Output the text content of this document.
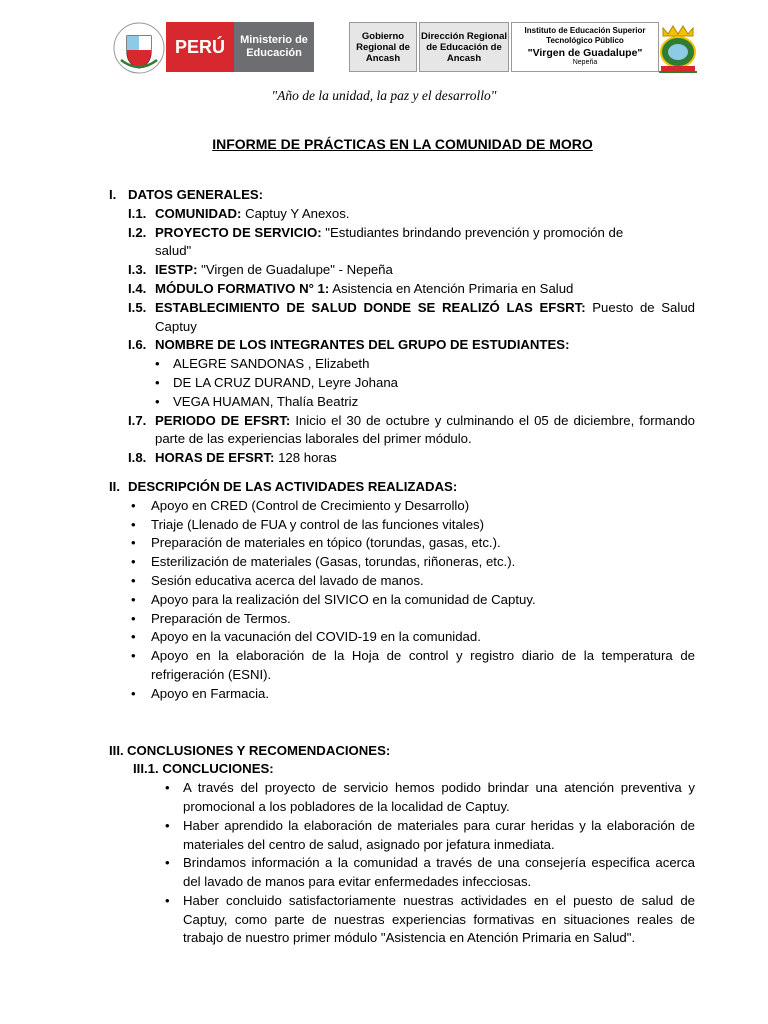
PERÚ	Ministerio de Educación
Gobierno Regional de Ancash
Dirección Regional de Educación de Ancash
Instituto de Educación Superior Tecnológico Público
"Virgen de Guadalupe"
Nepeña
"Año de la unidad, la paz y el desarrollo"
INFORME DE PRÁCTICAS EN LA COMUNIDAD DE MORO
I. DATOS GENERALES:
I.1. COMUNIDAD: Captuy Y Anexos.
I.2. PROYECTO DE SERVICIO: "Estudiantes brindando prevención y promoción de salud"
I.3. IESTP: "Virgen de Guadalupe" - Nepeña
I.4. MÓDULO FORMATIVO N° 1: Asistencia en Atención Primaria en Salud
I.5. ESTABLECIMIENTO DE SALUD DONDE SE REALIZÓ LAS EFSRT: Puesto de Salud Captuy
I.6. NOMBRE DE LOS INTEGRANTES DEL GRUPO DE ESTUDIANTES:
• ALEGRE SANDONAS , Elizabeth
• DE LA CRUZ DURAND, Leyre Johana
• VEGA HUAMAN, Thalía Beatriz
I.7. PERIODO DE EFSRT: Inicio el 30 de octubre y culminando el 05 de diciembre, formando parte de las experiencias laborales del primer módulo.
I.8. HORAS DE EFSRT: 128 horas
II. DESCRIPCIÓN DE LAS ACTIVIDADES REALIZADAS:
• Apoyo en CRED (Control de Crecimiento y Desarrollo)
• Triaje (Llenado de FUA y control de las funciones vitales)
• Preparación de materiales en tópico (torundas, gasas, etc.).
• Esterilización de materiales (Gasas, torundas, riñoneras, etc.).
• Sesión educativa acerca del lavado de manos.
• Apoyo para la realización del SIVICO en la comunidad de Captuy.
• Preparación de Termos.
• Apoyo en la vacunación del COVID-19 en la comunidad.
• Apoyo en la elaboración de la Hoja de control y registro diario de la temperatura de refrigeración (ESNI).
• Apoyo en Farmacia.
III. CONCLUSIONES Y RECOMENDACIONES:
III.1. CONCLUCIONES:
• A través del proyecto de servicio hemos podido brindar una atención preventiva y promocional a los pobladores de la localidad de Captuy.
• Haber aprendido la elaboración de materiales para curar heridas y la elaboración de materiales del centro de salud, asignado por jefatura inmediata.
• Brindamos información a la comunidad a través de una consejería especifica acerca del lavado de manos para evitar enfermedades infecciosas.
• Haber concluido satisfactoriamente nuestras actividades en el puesto de salud de Captuy, como parte de nuestras experiencias formativas en situaciones reales de trabajo de nuestro primer módulo "Asistencia en Atención Primaria en Salud".
